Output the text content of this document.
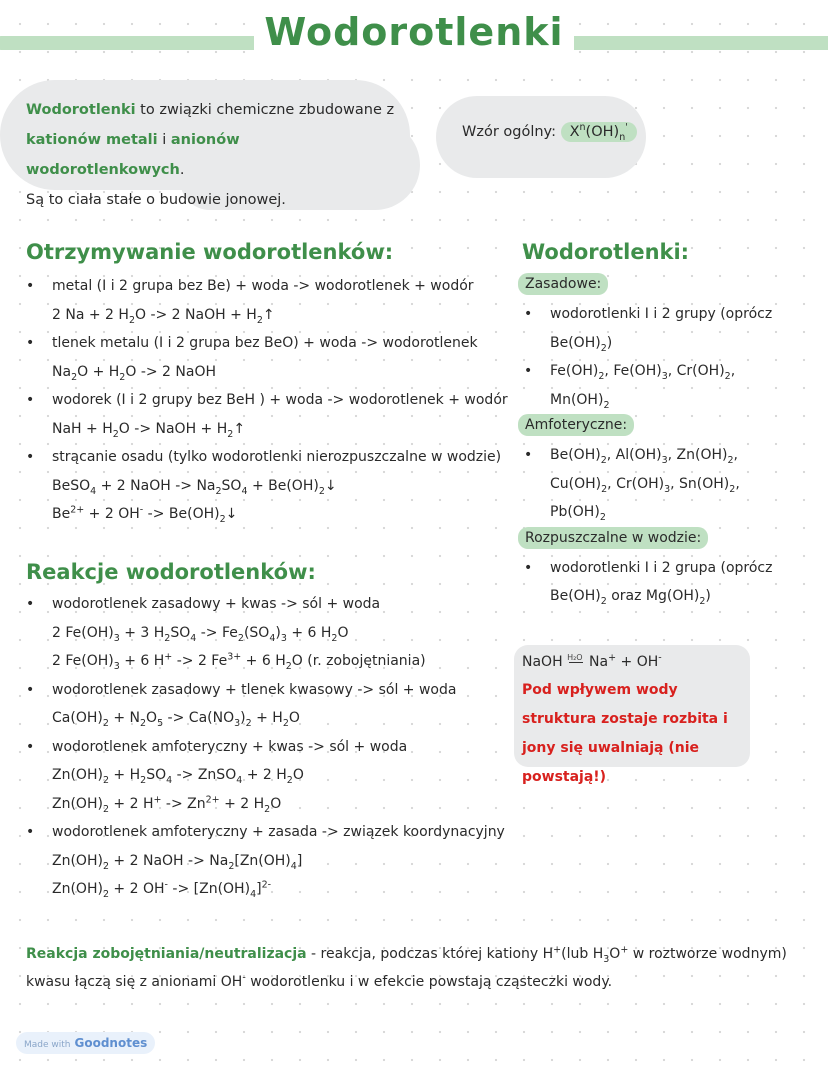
Wodorotlenki
Wodorotlenki to związki chemiczne zbudowane z
kationów metali i anionów wodorotlenkowych.
Są to ciała stałe o budowie jonowej.
Wzór ogólny: $X^n(OH)_n'$
Otrzymywanie wodorotlenków:
• metal (I i 2 grupa bez Be) + woda -> wodorotlenek + wodór
2 Na + 2 $H_2O -> 2$ NaOH + $H_2↑$
• tlenek metalu (I i 2 grupa bez BeO) + woda -> wodorotlenek
$Na_2O + H_2O -> 2$ NaOH
• wodorek (I i 2 grupy bez BeH ) + woda -> wodorotlenek + wodór
NaH + $H_2O$ -> NaOH + $H_2↑$
• strącanie osadu (tylko wodorotlenki nierozpuszczalne w wodzie)
BeSO$_4$ + 2 NaOH -> $Na_2SO_4$ + $Be(OH)_2↓$
$Be^{2+} + 2$ $OH^- -> Be(OH)_2↓$
Reakcje wodorotlenków:
• wodorotlenek zasadowy + kwas -> sól + woda
2 $Fe(OH)_3 + 3$ $H_2SO_4 -> Fe_2(SO_4)_3 + 6$ $H_2O$
2 $Fe(OH)_3 + 6$ H+ -> 2 $Fe^{3+} + 6$ $H_2O$ (r. zobojętniania)
• wodorotlenek zasadowy + tlenek kwasowy -> sól + woda
$Ca(OH)_2 + N_2O_5 -> Ca(NO_3)_2 + H_2O$
• wodorotlenek amfoteryczny + kwas -> sól + woda
$Zn(OH)_2 + H_2SO_4$ -> ZnSO$_4$ + 2 $H_2O$
$Zn(OH)_2 + 2$ $H^+ -> Zn^{2+} + 2$ $H_2O$
• wodorotlenek amfoteryczny + zasada -> związek koordynacyjny
$Zn(OH)_2 + 2$ NaOH -> $Na_2[Zn(OH)_4]$
$Zn(OH)_2 + 2$ $OH^- -> [Zn(OH)_4]^{2-}$
Wodorotlenki:
Zasadowe:
• wodorotlenki I i 2 grupy (oprócz
$Be(OH)_2$)
• $Fe(OH)_2$, $Fe(OH)_3$, $Cr(OH)_2$,
$Mn(OH)_2$
Amfoteryczne:
• $Be(OH)_2$, $Al(OH)_3$, $Zn(OH)_2$,
$Cu(OH)_2$, $Cr(OH)_3$, $Sn(OH)_2$,
$Pb(OH)_2$
Rozpuszczalne w wodzie:
• wodorotlenki I i 2 grupa (oprócz
$Be(OH)_2$ oraz $Mg(OH)_2$)
NaOH H₂O Na+ + OH-
Pod wpływem wody struktura zostaje rozbita i jony się uwalniają (nie powstają!)
Reakcja zobojętniania/neutralizacja - reakcja, podczas której kationy H+(lub $H_3O^+$ w roztworze wodnym) kwasu łączą się z anionami OH- wodorotlenku i w efekcie powstają cząsteczki wody.
Made with Goodnotes
